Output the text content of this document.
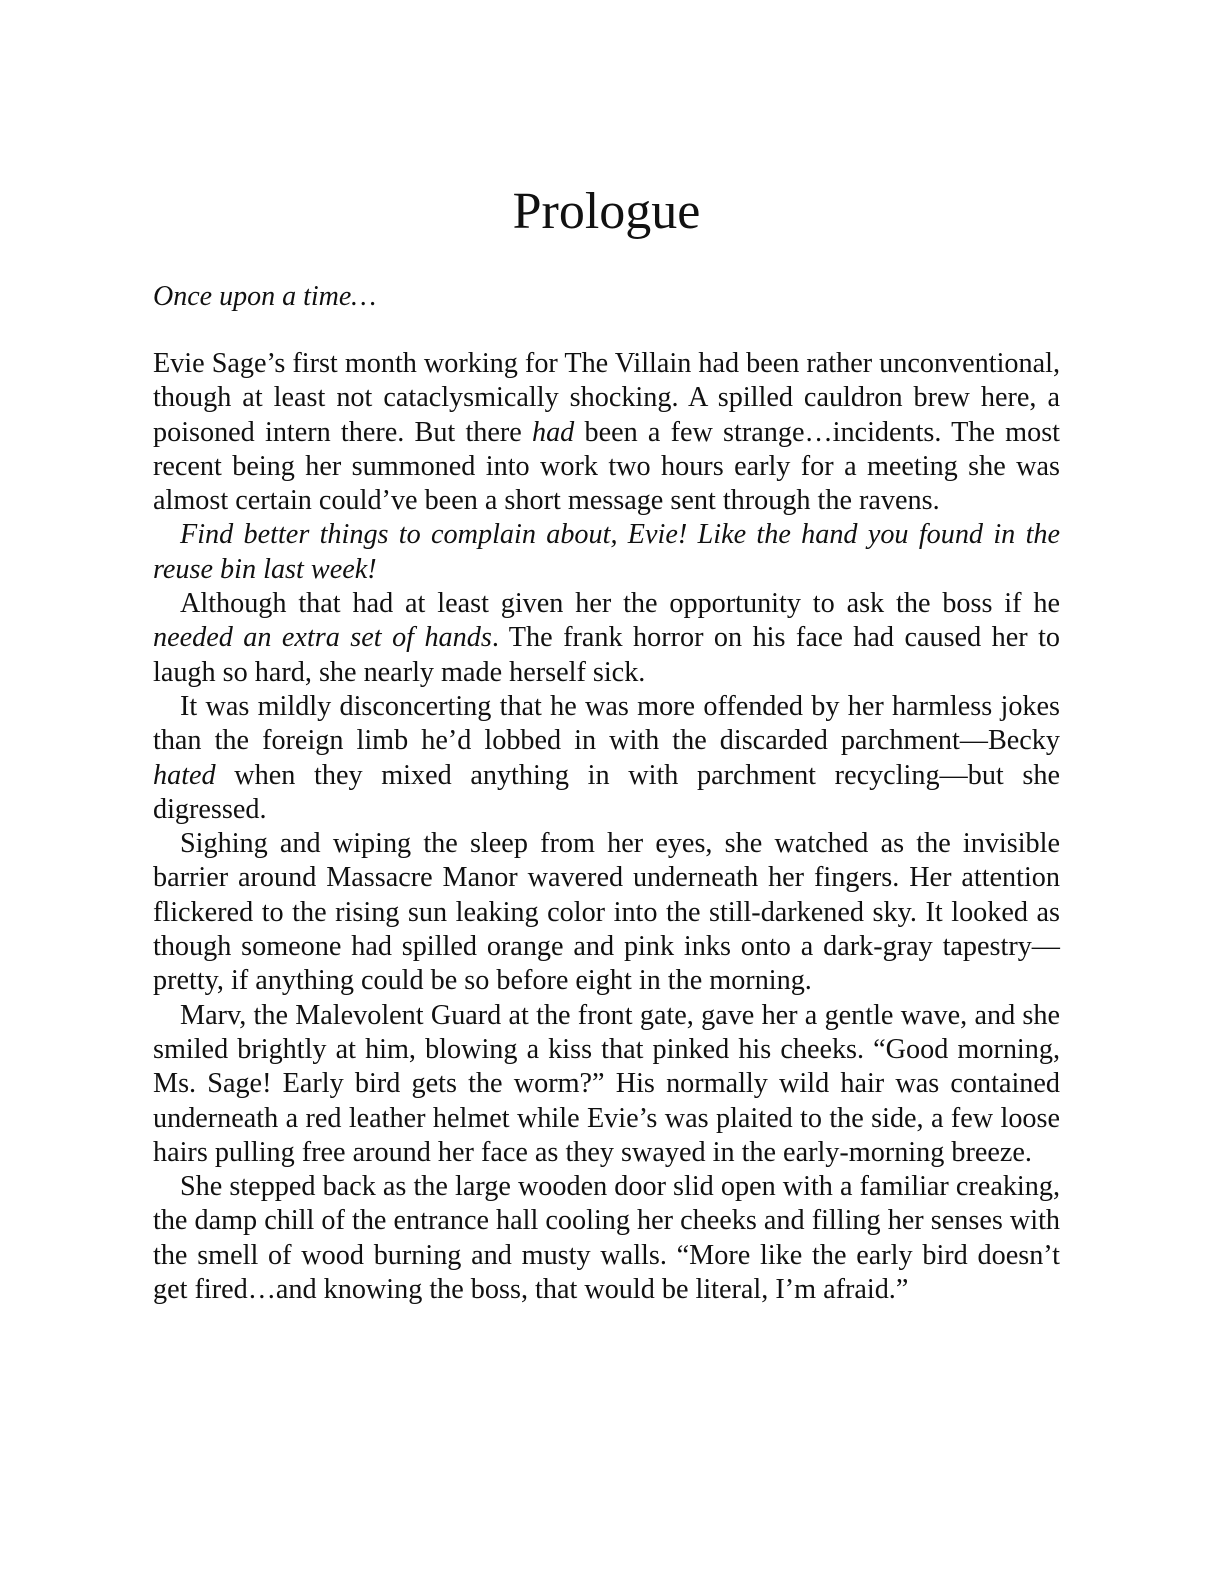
Prologue

Once upon a time…

Evie Sage’s first month working for The Villain had been rather unconventional, though at least not cataclysmically shocking. A spilled cauldron brew here, a poisoned intern there. But there had been a few strange…incidents. The most recent being her summoned into work two hours early for a meeting she was almost certain could’ve been a short message sent through the ravens.

Find better things to complain about, Evie! Like the hand you found in the reuse bin last week!

Although that had at least given her the opportunity to ask the boss if he needed an extra set of hands. The frank horror on his face had caused her to laugh so hard, she nearly made herself sick.

It was mildly disconcerting that he was more offended by her harmless jokes than the foreign limb he’d lobbed in with the discarded parchment—Becky hated when they mixed anything in with parchment recycling—but she digressed.

Sighing and wiping the sleep from her eyes, she watched as the invisible barrier around Massacre Manor wavered underneath her fingers. Her attention flickered to the rising sun leaking color into the still-darkened sky. It looked as though someone had spilled orange and pink inks onto a dark-gray tapestry—pretty, if anything could be so before eight in the morning.

Marv, the Malevolent Guard at the front gate, gave her a gentle wave, and she smiled brightly at him, blowing a kiss that pinked his cheeks. “Good morning, Ms. Sage! Early bird gets the worm?” His normally wild hair was contained underneath a red leather helmet while Evie’s was plaited to the side, a few loose hairs pulling free around her face as they swayed in the early-morning breeze.

She stepped back as the large wooden door slid open with a familiar creaking, the damp chill of the entrance hall cooling her cheeks and filling her senses with the smell of wood burning and musty walls. “More like the early bird doesn’t get fired…and knowing the boss, that would be literal, I’m afraid.”
